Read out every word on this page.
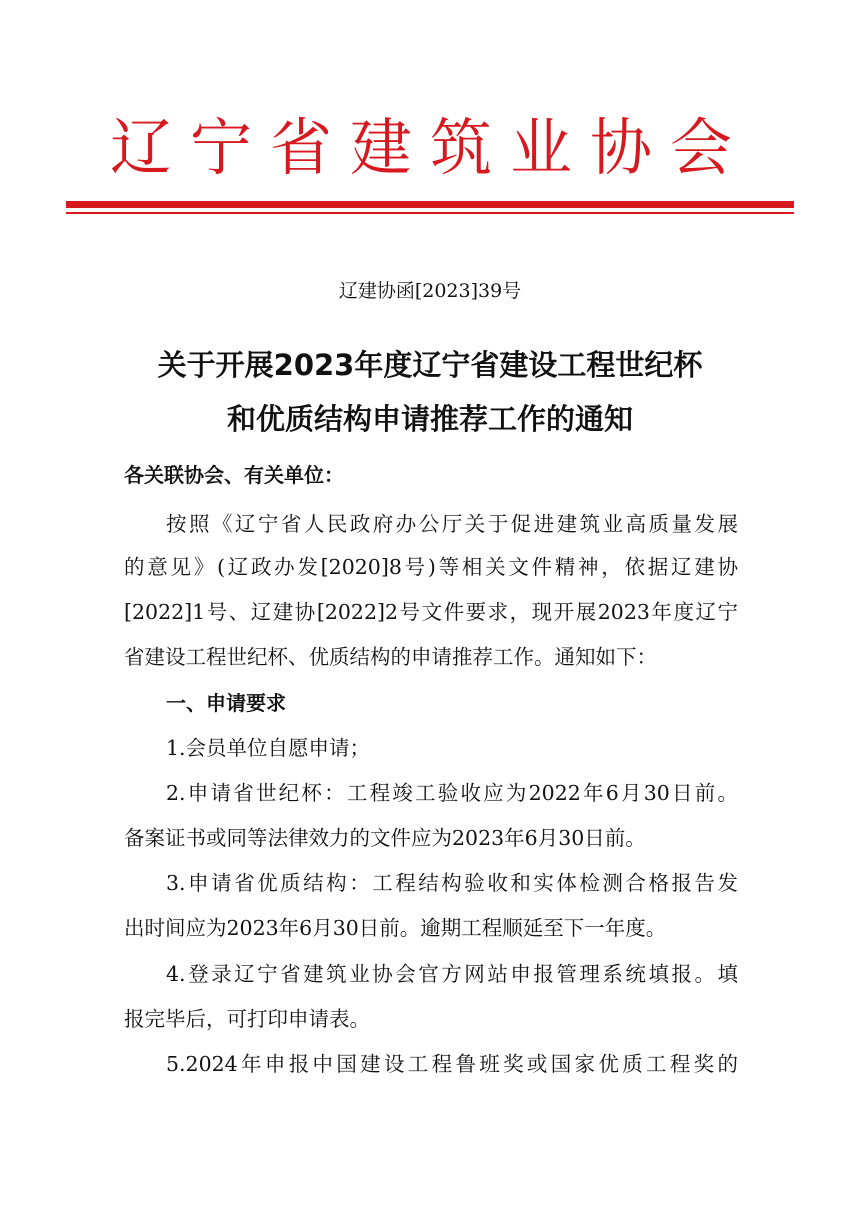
辽宁省建筑业协会
辽建协函[2023]39号
关于开展2023年度辽宁省建设工程世纪杯
和优质结构申请推荐工作的通知
各关联协会、有关单位：
按照《辽宁省人民政府办公厅关于促进建筑业高质量发展
的意见》(辽政办发[2020]8号)等相关文件精神，依据辽建协
[2022]1号、辽建协[2022]2号文件要求，现开展2023年度辽宁
省建设工程世纪杯、优质结构的申请推荐工作。通知如下：
一、申请要求
1.会员单位自愿申请；
2.申请省世纪杯：工程竣工验收应为2022年6月30日前。
备案证书或同等法律效力的文件应为2023年6月30日前。
3.申请省优质结构：工程结构验收和实体检测合格报告发
出时间应为2023年6月30日前。逾期工程顺延至下一年度。
4.登录辽宁省建筑业协会官方网站申报管理系统填报。填
报完毕后，可打印申请表。
5.2024年申报中国建设工程鲁班奖或国家优质工程奖的
